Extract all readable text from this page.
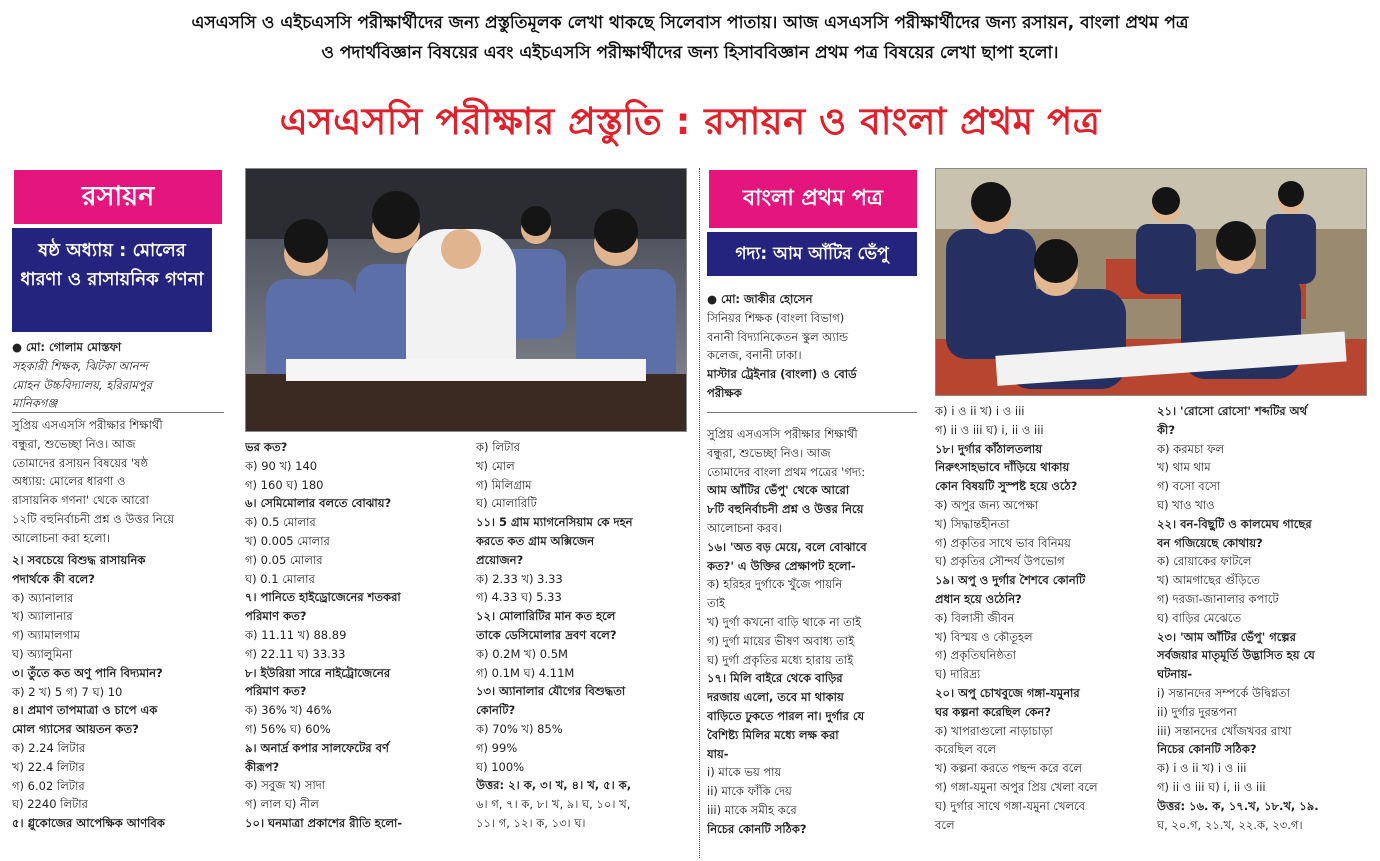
এসএসসি ও এইচএসসি পরীক্ষার্থীদের জন্য প্রস্তুতিমূলক লেখা থাকছে সিলেবাস পাতায়। আজ এসএসসি পরীক্ষার্থীদের জন্য রসায়ন, বাংলা প্রথম পত্র
ও পদার্থবিজ্ঞান বিষয়ের এবং এইচএসসি পরীক্ষার্থীদের জন্য হিসাববিজ্ঞান প্রথম পত্র বিষয়ের লেখা ছাপা হলো।
এসএসসি পরীক্ষার প্রস্তুতি : রসায়ন ও বাংলা প্রথম পত্র
রসায়ন
ষষ্ঠ অধ্যায় : মোলের ধারণা ও রাসায়নিক গণনা

● মো: গোলাম মোস্তফা

সহকারী শিক্ষক, ঝিটকা আনন্দ

মোহন উচ্চবিদ্যালয়, হরিরামপুর

মানিকগঞ্জ

সুপ্রিয় এসএসসি পরীক্ষার শিক্ষার্থী

বন্ধুরা, শুভেচ্ছা নিও। আজ

তোমাদের রসায়ন বিষয়ের 'ষষ্ঠ

অধ্যায়: মোলের ধারণা ও

রাসায়নিক গণনা' থেকে আরো

১২টি বহুনির্বাচনী প্রশ্ন ও উত্তর নিয়ে

আলোচনা করা হলো।

২। সবচেয়ে বিশুদ্ধ রাসায়নিক

পদার্থকে কী বলে?

ক) অ্যানালার

খ) অ্যালানার

গ) অ্যামালগাম

ঘ) অ্যালুমিনা

৩। তুঁতে কত অণু পানি বিদ্যমান?

ক) 2 খ) 5 গ) 7 ঘ) 10

৪। প্রমাণ তাপমাত্রা ও চাপে এক

মোল গ্যাসের আয়তন কত?

ক) 2.24 লিটার

খ) 22.4 লিটার

গ) 6.02 লিটার

ঘ) 2240 লিটার

৫। গ্লুকোজের আপেক্ষিক আণবিক

ভর কত?

ক) 90 খ) 140

গ) 160 ঘ) 180

৬। সেমিমোলার বলতে বোঝায়?

ক) 0.5 মোলার

খ) 0.005 মোলার

গ) 0.05 মোলার

ঘ) 0.1 মোলার

৭। পানিতে হাইড্রোজেনের শতকরা

পরিমাণ কত?

ক) 11.11 খ) 88.89

গ) 22.11 ঘ) 33.33

৮। ইউরিয়া সারে নাইট্রোজেনের

পরিমাণ কত?

ক) 36% খ) 46%

গ) 56% ঘ) 60%

৯। অনার্দ্র কপার সালফেটের বর্ণ

কীরূপ?

ক) সবুজ খ) সাদা

গ) লাল ঘ) নীল

১০। ঘনমাত্রা প্রকাশের রীতি হলো-

ক) লিটার

খ) মোল

গ) মিলিগ্রাম

ঘ) মোলারিটি

১১। 5 গ্রাম ম্যাগনেসিয়াম কে দহন

করতে কত গ্রাম অক্সিজেন

প্রয়োজন?

ক) 2.33 খ) 3.33

গ) 4.33 ঘ) 5.33

১২। মোলারিটির মান কত হলে

তাকে ডেসিমোলার দ্রবণ বলে?

ক) 0.2M খ) 0.5M

গ) 0.1M ঘ) 4.11M

১৩। অ্যানালার যৌগের বিশুদ্ধতা

কোনটি?

ক) 70% খ) 85%

গ) 99%

ঘ) 100%

উত্তর: ২। ক, ৩। খ, ৪। খ, ৫। ক,

৬। গ, ৭। ক, ৮। খ, ৯। ঘ, ১০। খ,

১১। গ, ১২। ক, ১৩। ঘ।

বাংলা প্রথম পত্র
গদ্য: আম আঁটির ভেঁপু

● মো: জাকীর হোসেন

সিনিয়র শিক্ষক (বাংলা বিভাগ)

বনানী বিদ্যানিকেতন স্কুল অ্যান্ড

কলেজ, বনানী ঢাকা।

মাস্টার ট্রেইনার (বাংলা) ও বোর্ড

পরীক্ষক

সুপ্রিয় এসএসসি পরীক্ষার শিক্ষার্থী

বন্ধুরা, শুভেচ্ছা নিও। আজ

তোমাদের বাংলা প্রথম পত্রের 'গদ্য:

আম আঁটির ভেঁপু' থেকে আরো

৮টি বহুনির্বাচনী প্রশ্ন ও উত্তর নিয়ে

আলোচনা করব।

১৬। 'অত বড় মেয়ে, বলে বোঝাবে

কত?' এ উক্তির প্রেক্ষাপট হলো-

ক) হরিহর দুর্গাকে খুঁজে পায়নি

তাই

খ) দুর্গা কখনো বাড়ি থাকে না তাই

গ) দুর্গা মায়ের ভীষণ অবাধ্য তাই

ঘ) দুর্গা প্রকৃতির মধ্যে হারায় তাই

১৭। মিলি বাইরে থেকে বাড়ির

দরজায় এলো, তবে মা থাকায়

বাড়িতে ঢুকতে পারল না। দুর্গার যে

বৈশিষ্ট্য মিলির মধ্যে লক্ষ করা

যায়-

i) মাকে ভয় পায়

ii) মাকে ফাঁকি দেয়

iii) মাকে সমীহ করে

নিচের কোনটি সঠিক?

ক) i ও ii খ) i ও iii

গ) ii ও iii ঘ) i, ii ও iii

১৮। দুর্গার কাঁঠালতলায়

নিরুৎসাহভাবে দাঁড়িয়ে থাকায়

কোন বিষয়টি সুস্পষ্ট হয়ে ওঠে?

ক) অপুর জন্য অপেক্ষা

খ) সিদ্ধান্তহীনতা

গ) প্রকৃতির সাথে ভাব বিনিময়

ঘ) প্রকৃতির সৌন্দর্য উপভোগ

১৯। অপু ও দুর্গার শৈশবে কোনটি

প্রধান হয়ে ওঠেনি?

ক) বিলাসী জীবন

খ) বিস্ময় ও কৌতূহল

গ) প্রকৃতিঘনিষ্ঠতা

ঘ) দারিদ্র্য

২০। অপু চোখবুজে গঙ্গা-যমুনার

ঘর কল্পনা করেছিল কেন?

ক) খাপরাগুলো নাড়াচাড়া

করেছিল বলে

খ) কল্পনা করতে পছন্দ করে বলে

গ) গঙ্গা-যমুনা অপুর প্রিয় খেলা বলে

ঘ) দুর্গার সাথে গঙ্গা-যমুনা খেলবে

বলে

২১। 'রোসো রোসো' শব্দটির অর্থ

কী?

ক) করমচা ফল

খ) থাম থাম

গ) বসো বসো

ঘ) খাও খাও

২২। বন-বিছুটি ও কালমেঘ গাছের

বন গজিয়েছে কোথায়?

ক) রোয়াকের ফাটলে

খ) আমগাছের গুঁড়িতে

গ) দরজা-জানালার কপাটে

ঘ) বাড়ির মেঝেতে

২৩। 'আম আঁটির ভেঁপু' গল্পের

সর্বজয়ার মাতৃমূর্তি উদ্ভাসিত হয় যে

ঘটনায়-

i) সন্তানদের সম্পর্কে উদ্বিগ্নতা

ii) দুর্গার দুরন্তপনা

iii) সন্তানদের খোঁজখবর রাখা

নিচের কোনটি সঠিক?

ক) i ও ii খ) i ও iii

গ) ii ও iii ঘ) i, ii ও iii

উত্তর: ১৬. ক, ১৭.খ, ১৮.খ, ১৯.

ঘ, ২০.গ, ২১.খ, ২২.ক, ২৩.গ।
